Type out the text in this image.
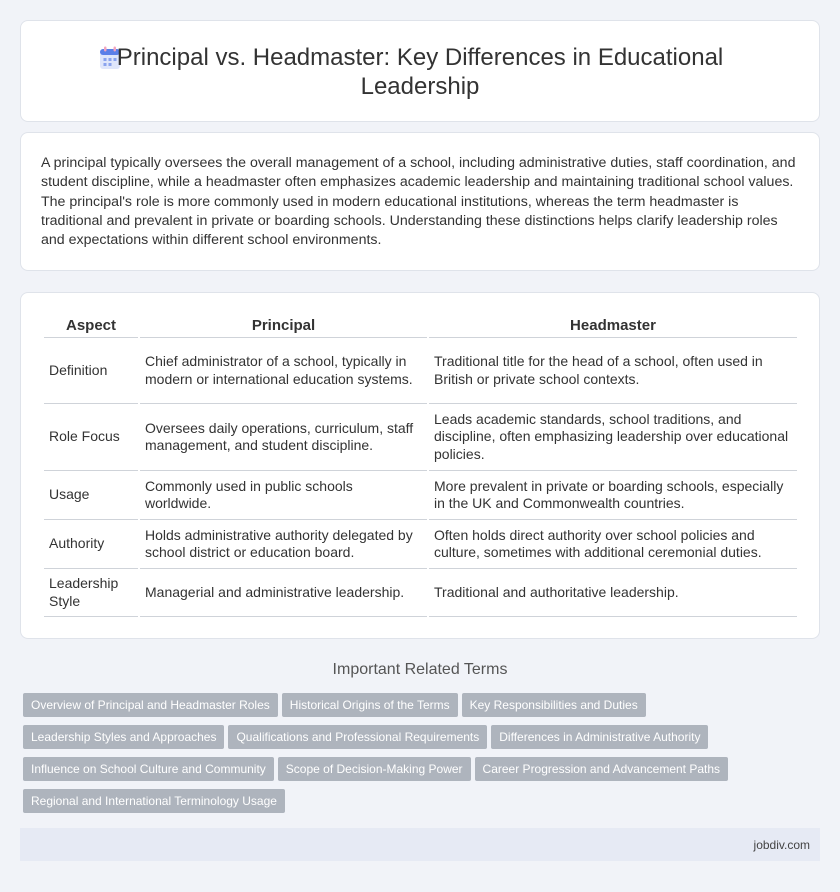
Principal vs. Headmaster: Key Differences in Educational Leadership

A principal typically oversees the overall management of a school, including administrative duties, staff coordination, and student discipline, while a headmaster often emphasizes academic leadership and maintaining traditional school values. The principal's role is more commonly used in modern educational institutions, whereas the term headmaster is traditional and prevalent in private or boarding schools. Understanding these distinctions helps clarify leadership roles and expectations within different school environments.

Aspect	Principal	Headmaster
Definition	Chief administrator of a school, typically in modern or international education systems.	Traditional title for the head of a school, often used in British or private school contexts.
Role Focus	Oversees daily operations, curriculum, staff management, and student discipline.	Leads academic standards, school traditions, and discipline, often emphasizing leadership over educational policies.
Usage	Commonly used in public schools worldwide.	More prevalent in private or boarding schools, especially in the UK and Commonwealth countries.
Authority	Holds administrative authority delegated by school district or education board.	Often holds direct authority over school policies and culture, sometimes with additional ceremonial duties.
Leadership Style	Managerial and administrative leadership.	Traditional and authoritative leadership.
Important Related Terms
Overview of Principal and Headmaster Roles Historical Origins of the Terms Key Responsibilities and Duties
Leadership Styles and Approaches Qualifications and Professional Requirements Differences in Administrative Authority
Influence on School Culture and Community Scope of Decision-Making Power Career Progression and Advancement Paths
Regional and International Terminology Usage
jobdiv.com
